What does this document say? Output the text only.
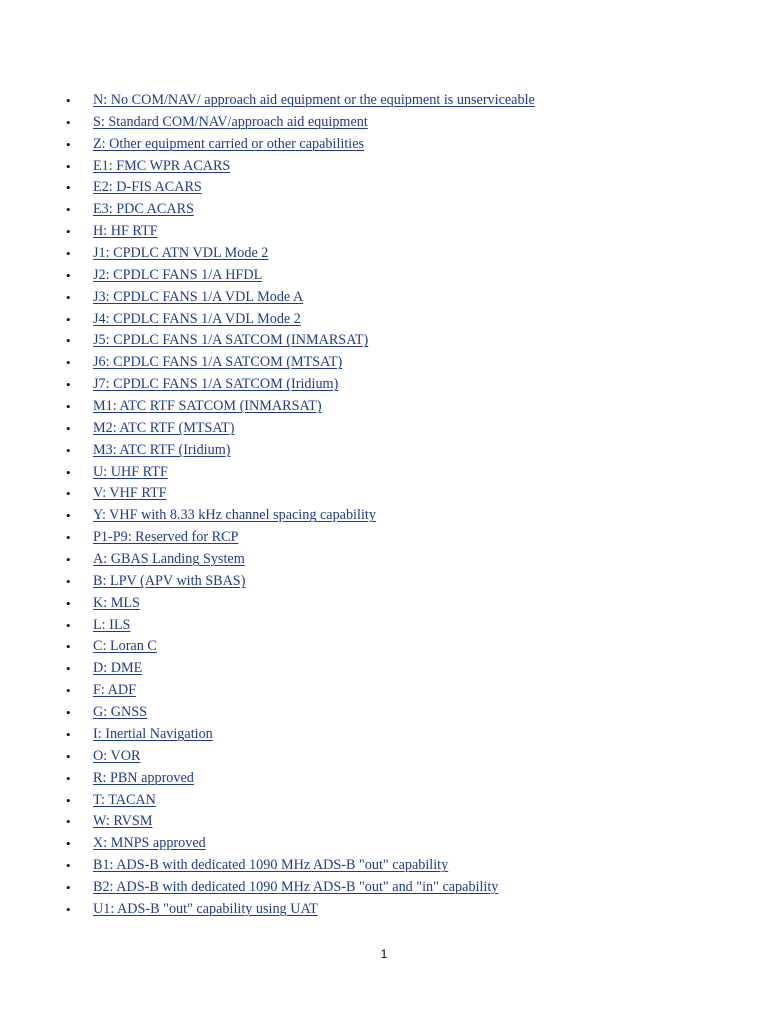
•	N: No COM/NAV/ approach aid equipment or the equipment is unserviceable
•	S: Standard COM/NAV/approach aid equipment
•	Z: Other equipment carried or other capabilities
•	E1: FMC WPR ACARS
•	E2: D-FIS ACARS
•	E3: PDC ACARS
•	H: HF RTF
•	J1: CPDLC ATN VDL Mode 2
•	J2: CPDLC FANS 1/A HFDL
•	J3: CPDLC FANS 1/A VDL Mode A
•	J4: CPDLC FANS 1/A VDL Mode 2
•	J5: CPDLC FANS 1/A SATCOM (INMARSAT)
•	J6: CPDLC FANS 1/A SATCOM (MTSAT)
•	J7: CPDLC FANS 1/A SATCOM (Iridium)
•	M1: ATC RTF SATCOM (INMARSAT)
•	M2: ATC RTF (MTSAT)
•	M3: ATC RTF (Iridium)
•	U: UHF RTF
•	V: VHF RTF
•	Y: VHF with 8.33 kHz channel spacing capability
•	P1-P9: Reserved for RCP
•	A: GBAS Landing System
•	B: LPV (APV with SBAS)
•	K: MLS
•	L: ILS
•	C: Loran C
•	D: DME
•	F: ADF
•	G: GNSS
•	I: Inertial Navigation
•	O: VOR
•	R: PBN approved
•	T: TACAN
•	W: RVSM
•	X: MNPS approved
•	B1: ADS-B with dedicated 1090 MHz ADS-B "out" capability
•	B2: ADS-B with dedicated 1090 MHz ADS-B "out" and "in" capability
•	U1: ADS-B "out" capability using UAT
1
